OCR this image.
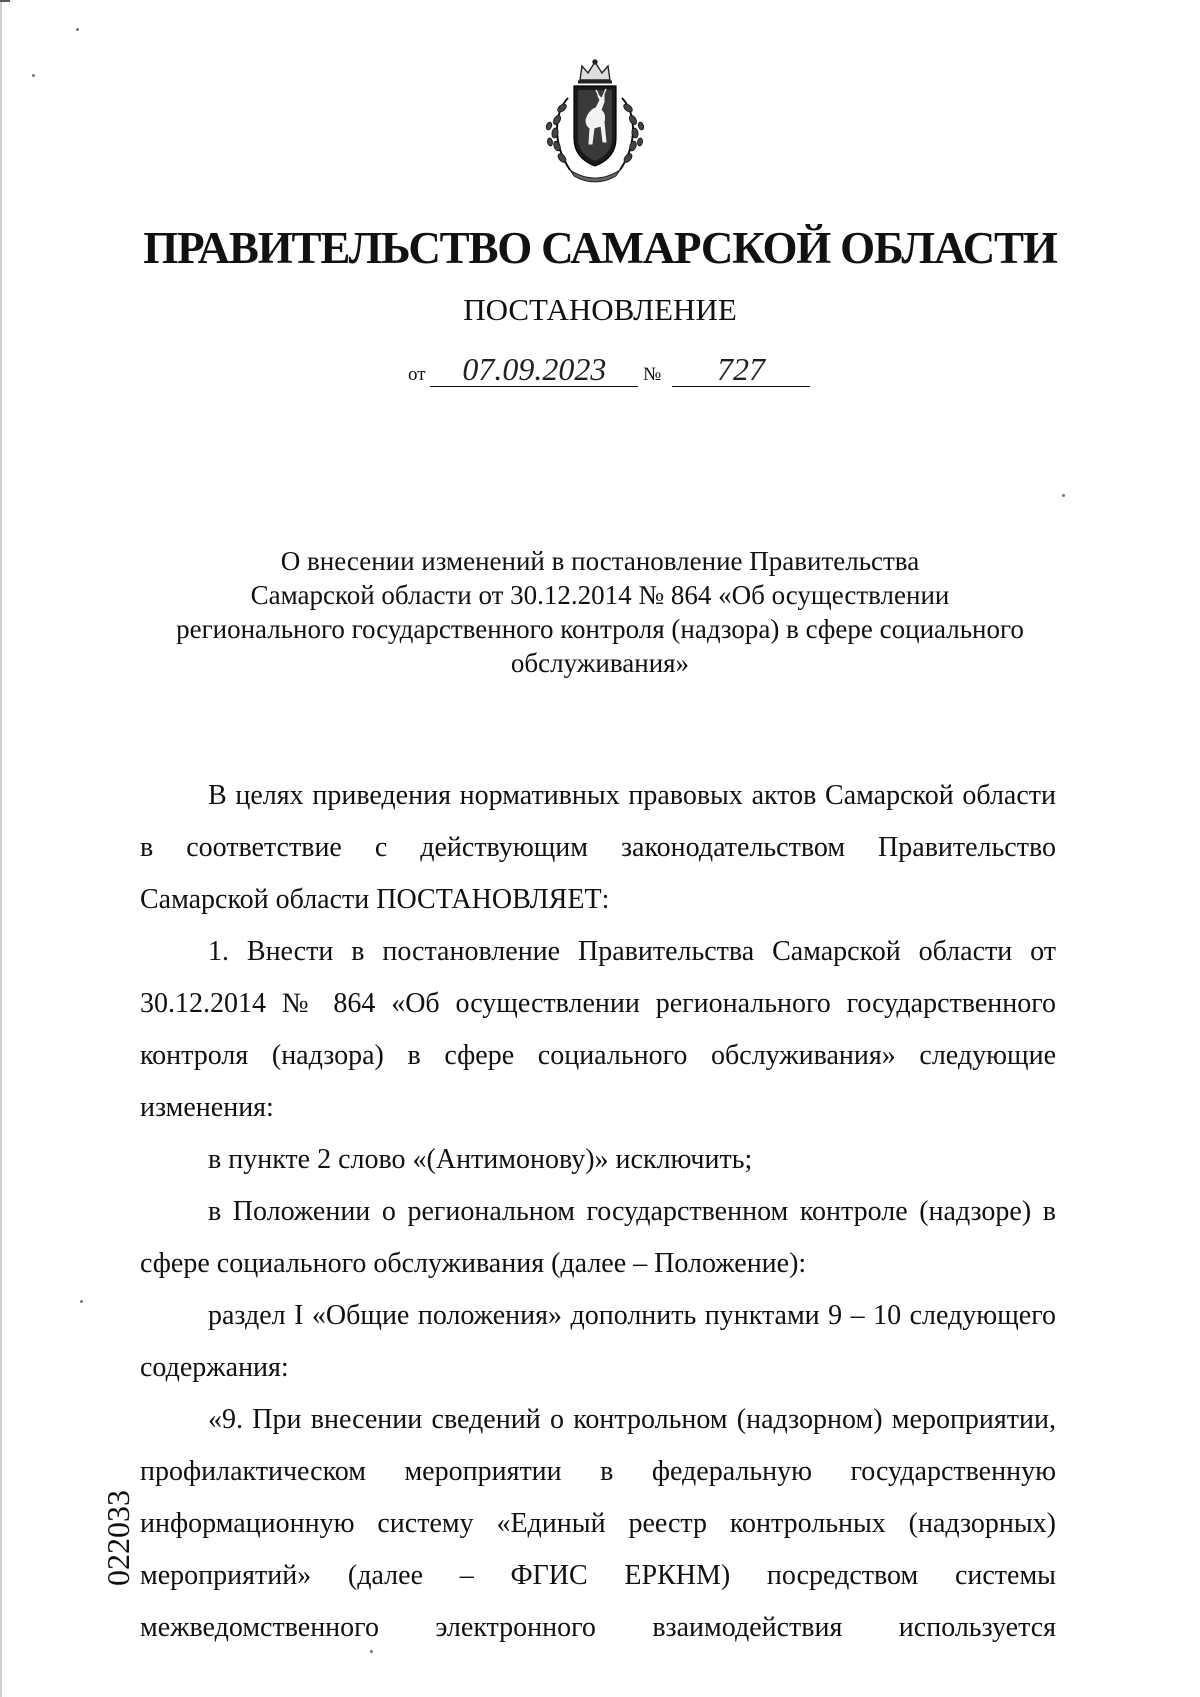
ПРАВИТЕЛЬСТВО САМАРСКОЙ ОБЛАСТИ
ПОСТАНОВЛЕНИЕ
от 07.09.2023 № 727
О внесении изменений в постановление Правительства
Самарской области от 30.12.2014 № 864 «Об осуществлении
регионального государственного контроля (надзора) в сфере социального
обслуживания»

В целях приведения нормативных правовых актов Самарской области в соответствие с действующим законодательством Правительство Самарской области ПОСТАНОВЛЯЕТ:

1. Внести в постановление Правительства Самарской области от 30.12.2014 № 864 «Об осуществлении регионального государственного контроля (надзора) в сфере социального обслуживания» следующие изменения:

в пункте 2 слово «(Антимонову)» исключить;

в Положении о региональном государственном контроле (надзоре) в сфере социального обслуживания (далее – Положение):

раздел I «Общие положения» дополнить пунктами 9 – 10 следующего содержания:

«9. При внесении сведений о контрольном (надзорном) мероприятии, профилактическом мероприятии в федеральную государственную информационную систему «Единый реестр контрольных (надзорных) мероприятий» (далее – ФГИС ЕРКНМ) посредством системы межведомственного электронного взаимодействия используется

022033
